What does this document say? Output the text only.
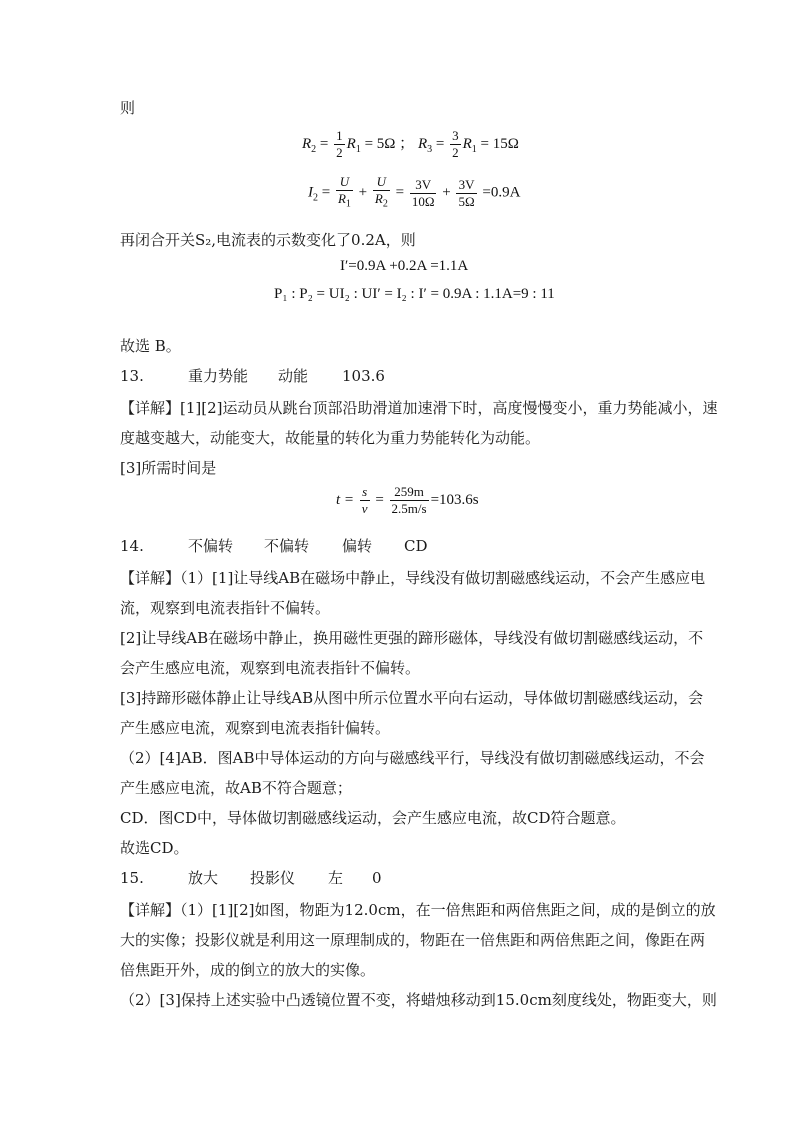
则
$R_2 = \frac{1}{2} R_1 = 5\Omega$ ； $R_3 = \frac{3}{2} R_1 = 15\Omega$
$I_2 = \frac{U}{R_1} + \frac{U}{R_2} = \frac{3V}{10\Omega} + \frac{3V}{5\Omega} =0.9A$
再闭合开关S₂,电流表的示数变化了0.2A，则
I′=0.9A +0.2A =1.1A
P₁ : P₂ = UI₂ : UI′ = I₂ : I′ = 0.9A : 1.1A=9 : 11
故选 B。
13.	重力势能 动能 103.6
【详解】[1][2]运动员从跳台顶部沿助滑道加速滑下时，高度慢慢变小，重力势能减小，速
度越变越大，动能变大，故能量的转化为重力势能转化为动能。
[3]所需时间是
$t = \frac{s}{v} = \frac{259m}{2.5m/s} =103.6s$
14.	不偏转 不偏转 偏转 CD
【详解】（1）[1]让导线AB在磁场中静止，导线没有做切割磁感线运动，不会产生感应电
流，观察到电流表指针不偏转。
[2]让导线AB在磁场中静止，换用磁性更强的蹄形磁体，导线没有做切割磁感线运动，不
会产生感应电流，观察到电流表指针不偏转。
[3]持蹄形磁体静止让导线AB从图中所示位置水平向右运动，导体做切割磁感线运动，会
产生感应电流，观察到电流表指针偏转。
（2）[4]AB．图AB中导体运动的方向与磁感线平行，导线没有做切割磁感线运动，不会
产生感应电流，故AB不符合题意；
CD．图CD中，导体做切割磁感线运动，会产生感应电流，故CD符合题意。
故选CD。
15.	放大 投影仪 左 0
【详解】（1）[1][2]如图，物距为12.0cm，在一倍焦距和两倍焦距之间，成的是倒立的放
大的实像；投影仪就是利用这一原理制成的，物距在一倍焦距和两倍焦距之间，像距在两
倍焦距开外，成的倒立的放大的实像。
（2）[3]保持上述实验中凸透镜位置不变，将蜡烛移动到15.0cm刻度线处，物距变大，则
